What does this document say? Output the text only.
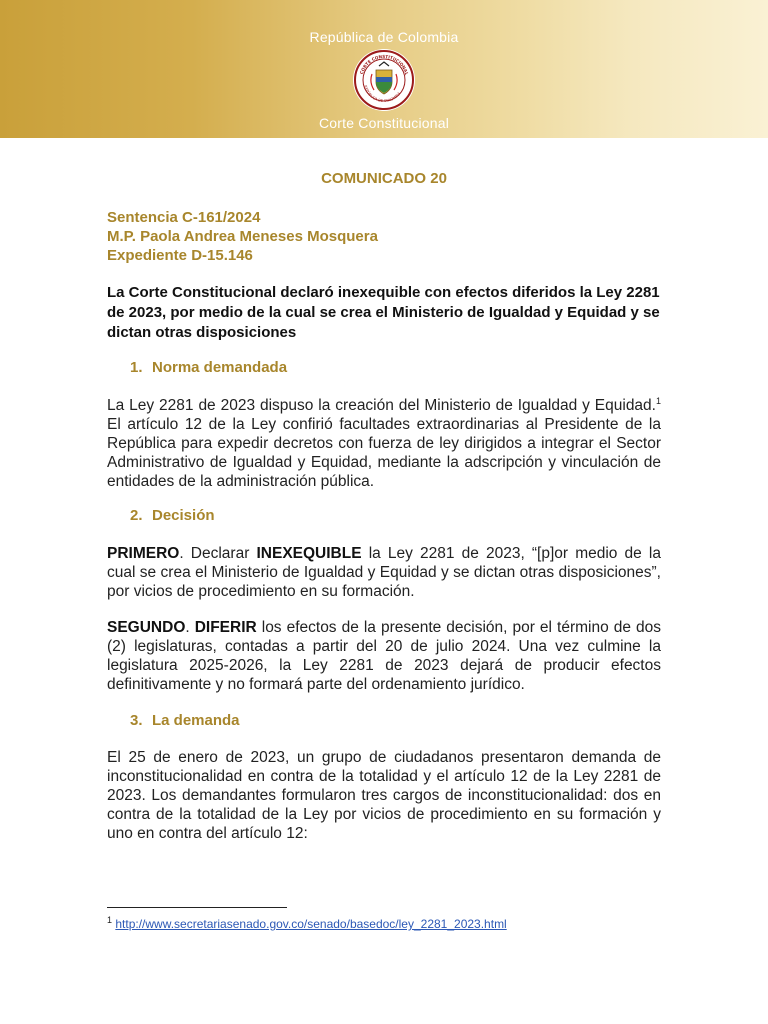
República de Colombia
CORTE CONSTITUCIONAL
REPÚBLICA DE COLOMBIA
Corte Constitucional
COMUNICADO 20
Sentencia C-161/2024
M.P. Paola Andrea Meneses Mosquera
Expediente D-15.146
La Corte Constitucional declaró inexequible con efectos diferidos la Ley 2281 de 2023, por medio de la cual se crea el Ministerio de Igualdad y Equidad y se dictan otras disposiciones
1. Norma demandada
La Ley 2281 de 2023 dispuso la creación del Ministerio de Igualdad y Equidad.$^1$ El artículo 12 de la Ley confirió facultades extraordinarias al Presidente de la República para expedir decretos con fuerza de ley dirigidos a integrar el Sector Administrativo de Igualdad y Equidad, mediante la adscripción y vinculación de entidades de la administración pública.
2. Decisión
PRIMERO. Declarar INEXEQUIBLE la Ley 2281 de 2023, “[p]or medio de la cual se crea el Ministerio de Igualdad y Equidad y se dictan otras disposiciones”, por vicios de procedimiento en su formación.
SEGUNDO. DIFERIR los efectos de la presente decisión, por el término de dos (2) legislaturas, contadas a partir del 20 de julio 2024. Una vez culmine la legislatura 2025-2026, la Ley 2281 de 2023 dejará de producir efectos definitivamente y no formará parte del ordenamiento jurídico.
3. La demanda
El 25 de enero de 2023, un grupo de ciudadanos presentaron demanda de inconstitucionalidad en contra de la totalidad y el artículo 12 de la Ley 2281 de 2023. Los demandantes formularon tres cargos de inconstitucionalidad: dos en contra de la totalidad de la Ley por vicios de procedimiento en su formación y uno en contra del artículo 12:
$^1$ http://www.secretariasenado.gov.co/senado/basedoc/ley_2281_2023.html
